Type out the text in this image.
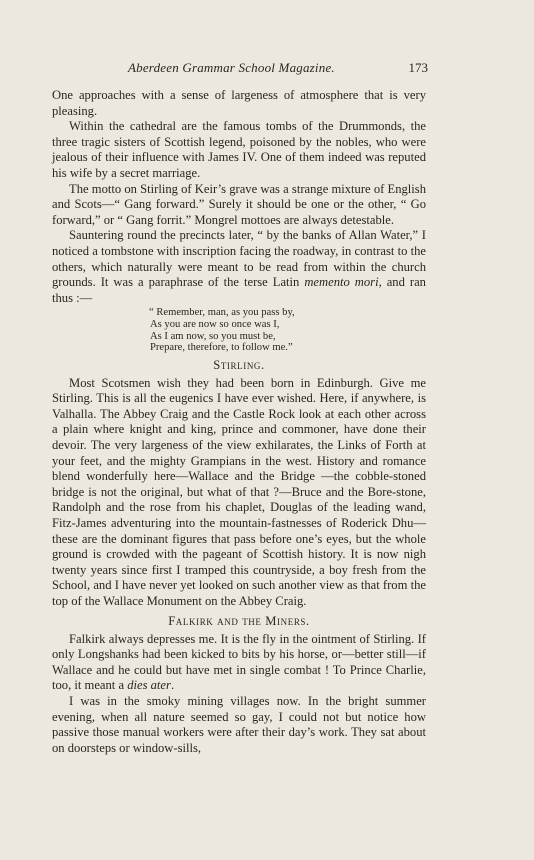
Aberdeen Grammar School Magazine.	173

One approaches with a sense of largeness of atmosphere that is very pleasing.

Within the cathedral are the famous tombs of the Drummonds, the three tragic sisters of Scottish legend, poisoned by the nobles, who were jealous of their influence with James IV. One of them indeed was reputed his wife by a secret marriage.

The motto on Stirling of Keir’s grave was a strange mixture of English and Scots—“ Gang forward.” Surely it should be one or the other, “ Go forward,” or “ Gang forrit.” Mongrel mottoes are always detestable.

Sauntering round the precincts later, “ by the banks of Allan Water,” I noticed a tombstone with inscription facing the roadway, in contrast to the others, which naturally were meant to be read from within the church grounds. It was a paraphrase of the terse Latin memento mori, and ran thus :—

“ Remember, man, as you pass by,
As you are now so once was I,
As I am now, so you must be,
Prepare, therefore, to follow me.”
Stirling.

Most Scotsmen wish they had been born in Edinburgh. Give me Stirling. This is all the eugenics I have ever wished. Here, if anywhere, is Valhalla. The Abbey Craig and the Castle Rock look at each other across a plain where knight and king, prince and commoner, have done their devoir. The very largeness of the view exhilarates, the Links of Forth at your feet, and the mighty Grampians in the west. History and romance blend wonderfully here—Wallace and the Bridge —the cobble-stoned bridge is not the original, but what of that ?—Bruce and the Bore-stone, Randolph and the rose from his chaplet, Douglas of the leading wand, Fitz-James adventuring into the mountain-fastnesses of Roderick Dhu— these are the dominant figures that pass before one’s eyes, but the whole ground is crowded with the pageant of Scottish history. It is now nigh twenty years since first I tramped this countryside, a boy fresh from the School, and I have never yet looked on such another view as that from the top of the Wallace Monument on the Abbey Craig.

Falkirk and the Miners.

Falkirk always depresses me. It is the fly in the ointment of Stirling. If only Longshanks had been kicked to bits by his horse, or—better still—if Wallace and he could but have met in single combat ! To Prince Charlie, too, it meant a dies ater.

I was in the smoky mining villages now. In the bright summer evening, when all nature seemed so gay, I could not but notice how passive those manual workers were after their day’s work. They sat about on doorsteps or window-sills,
